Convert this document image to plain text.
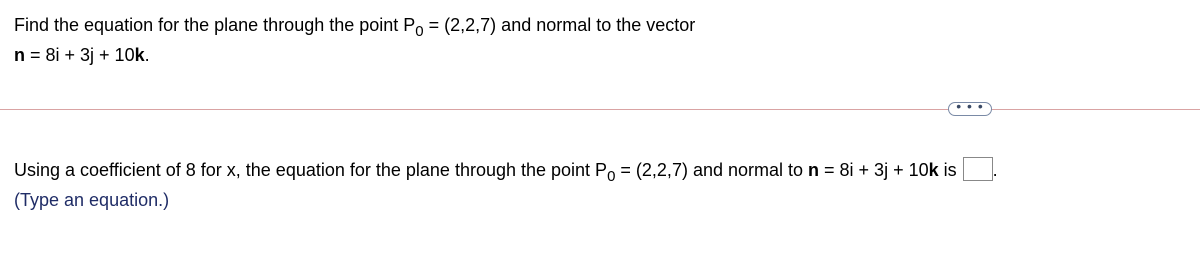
Find the equation for the plane through the point $P_0 = (2,2,7)$ and normal to the vector
n = 8i + 3j + 10k.
• • •
Using a coefficient of 8 for x, the equation for the plane through the point $P_0 = (2,2,7)$ and normal to n = 8i + 3j + 10k is .
(Type an equation.)
